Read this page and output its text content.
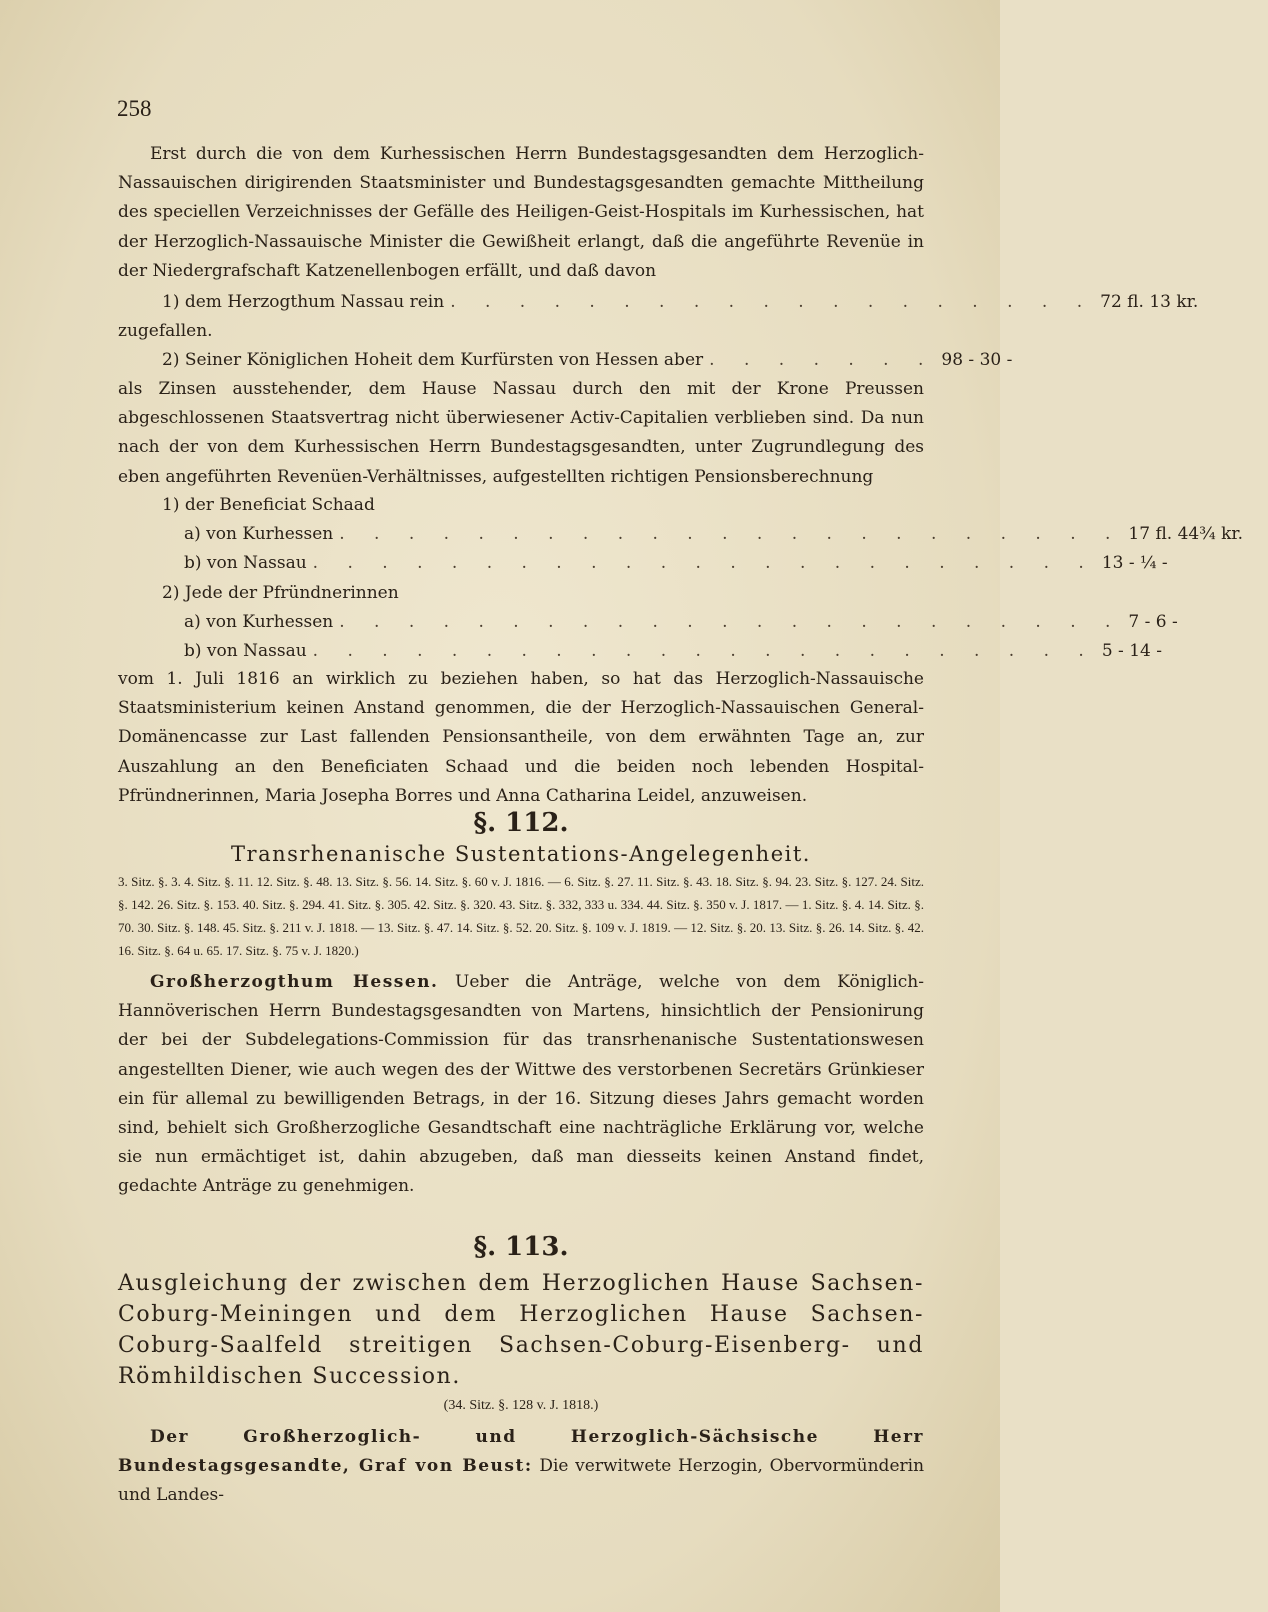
258

Erst durch die von dem Kurhessischen Herrn Bundestagsgesandten dem Herzoglich-Nassauischen dirigirenden Staatsminister und Bundestagsgesandten gemachte Mittheilung des speciellen Verzeichnisses der Gefälle des Heiligen-Geist-Hospitals im Kurhessischen, hat der Herzoglich-Nassauische Minister die Gewißheit erlangt, daß die angeführte Revenüe in der Niedergrafschaft Katzenellenbogen erfällt, und daß davon

1) dem Herzogthum Nassau rein . . . . . . . . . . . . . . . . . . . 72 fl. 13 kr.
zugefallen.
2) Seiner Königlichen Hoheit dem Kurfürsten von Hessen aber . . . . . . . 98 ‑ 30 ‑

als Zinsen ausstehender, dem Hause Nassau durch den mit der Krone Preussen abgeschlossenen Staatsvertrag nicht überwiesener Activ-Capitalien verblieben sind. Da nun nach der von dem Kurhessischen Herrn Bundestagsgesandten, unter Zugrundlegung des eben angeführten Revenüen-Verhältnisses, aufgestellten richtigen Pensionsberechnung

1) der Beneficiat Schaad
a) von Kurhessen . . . . . . . . . . . . . . . . . . . . . . . 17 fl. 44¾ kr.
b) von Nassau . . . . . . . . . . . . . . . . . . . . . . . 13 ‑ ¼ ‑
2) Jede der Pfründnerinnen
a) von Kurhessen . . . . . . . . . . . . . . . . . . . . . . . 7 ‑ 6 ‑
b) von Nassau . . . . . . . . . . . . . . . . . . . . . . . 5 ‑ 14 ‑

vom 1. Juli 1816 an wirklich zu beziehen haben, so hat das Herzoglich-Nassauische Staatsministerium keinen Anstand genommen, die der Herzoglich-Nassauischen General-Domänencasse zur Last fallenden Pensionsantheile, von dem erwähnten Tage an, zur Auszahlung an den Beneficiaten Schaad und die beiden noch lebenden Hospital-Pfründnerinnen, Maria Josepha Borres und Anna Catharina Leidel, anzuweisen.

§. 112.

Transrhenanische Sustentations-Angelegenheit.

3. Sitz. §. 3. 4. Sitz. §. 11. 12. Sitz. §. 48. 13. Sitz. §. 56. 14. Sitz. §. 60 v. J. 1816. — 6. Sitz. §. 27. 11. Sitz. §. 43. 18. Sitz. §. 94. 23. Sitz. §. 127. 24. Sitz. §. 142. 26. Sitz. §. 153. 40. Sitz. §. 294. 41. Sitz. §. 305. 42. Sitz. §. 320. 43. Sitz. §. 332, 333 u. 334. 44. Sitz. §. 350 v. J. 1817. — 1. Sitz. §. 4. 14. Sitz. §. 70. 30. Sitz. §. 148. 45. Sitz. §. 211 v. J. 1818. — 13. Sitz. §. 47. 14. Sitz. §. 52. 20. Sitz. §. 109 v. J. 1819. — 12. Sitz. §. 20. 13. Sitz. §. 26. 14. Sitz. §. 42. 16. Sitz. §. 64 u. 65. 17. Sitz. §. 75 v. J. 1820.)

Großherzogthum Hessen. Ueber die Anträge, welche von dem Königlich-Hannöverischen Herrn Bundestagsgesandten von Martens, hinsichtlich der Pensionirung der bei der Subdelegations-Commission für das transrhenanische Sustentationswesen angestellten Diener, wie auch wegen des der Wittwe des verstorbenen Secretärs Grünkieser ein für allemal zu bewilligenden Betrags, in der 16. Sitzung dieses Jahrs gemacht worden sind, behielt sich Großherzogliche Gesandtschaft eine nachträgliche Erklärung vor, welche sie nun ermächtiget ist, dahin abzugeben, daß man diesseits keinen Anstand findet, gedachte Anträge zu genehmigen.

§. 113.

Ausgleichung der zwischen dem Herzoglichen Hause Sachsen-Coburg-Meiningen und dem Herzoglichen Hause Sachsen-Coburg-Saalfeld streitigen Sachsen-Coburg-Eisenberg- und Römhildischen Succession.

(34. Sitz. §. 128 v. J. 1818.)

Der Großherzoglich- und Herzoglich-Sächsische Herr Bundestagsgesandte, Graf von Beust: Die verwitwete Herzogin, Obervormünderin und Landes-
